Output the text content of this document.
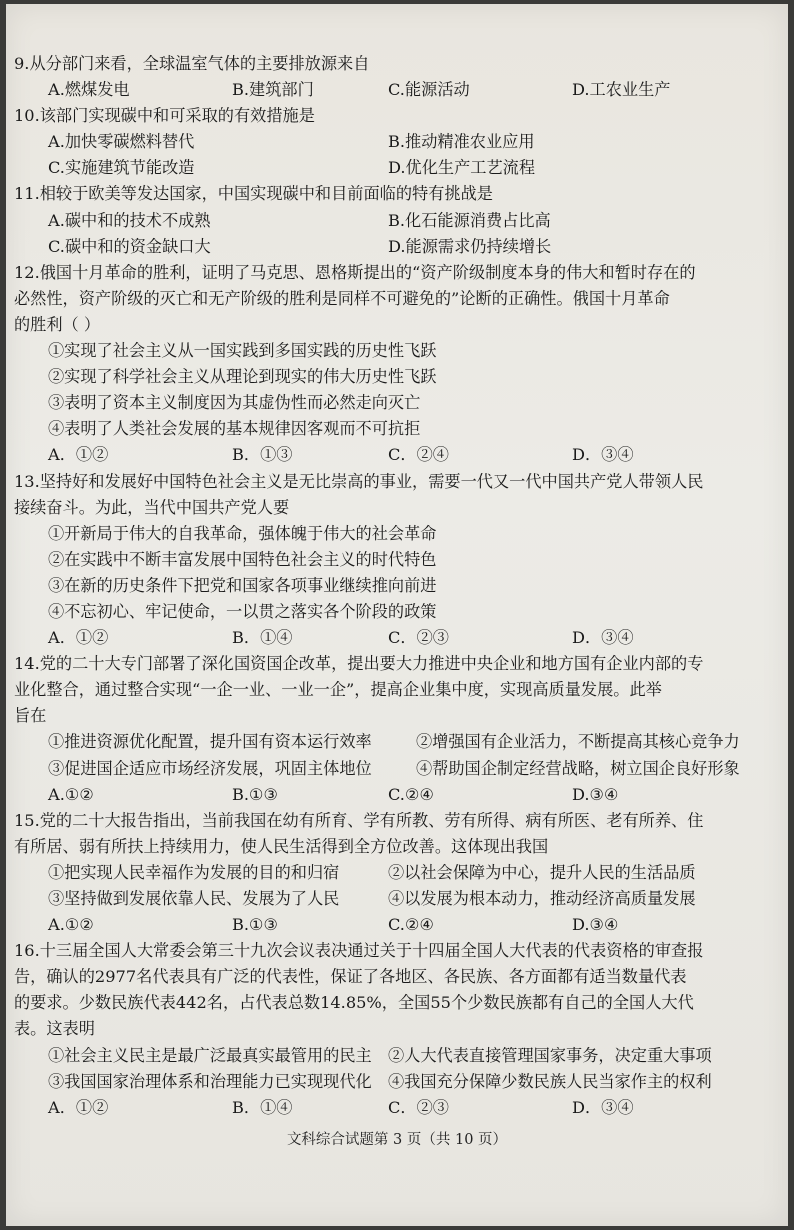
9.从分部门来看，全球温室气体的主要排放源来自
A.燃煤发电	B.建筑部门	C.能源活动	D.工农业生产
10.该部门实现碳中和可采取的有效措施是
A.加快零碳燃料替代	B.推动精准农业应用
C.实施建筑节能改造	D.优化生产工艺流程
11.相较于欧美等发达国家，中国实现碳中和目前面临的特有挑战是
A.碳中和的技术不成熟	B.化石能源消费占比高
C.碳中和的资金缺口大	D.能源需求仍持续增长
12.俄国十月革命的胜利，证明了马克思、恩格斯提出的“资产阶级制度本身的伟大和暂时存在的
必然性，资产阶级的灭亡和无产阶级的胜利是同样不可避免的”论断的正确性。俄国十月革命
的胜利（ ）
①实现了社会主义从一国实践到多国实践的历史性飞跃
②实现了科学社会主义从理论到现实的伟大历史性飞跃
③表明了资本主义制度因为其虚伪性而必然走向灭亡
④表明了人类社会发展的基本规律因客观而不可抗拒
A．①②	B．①③	C．②④	D．③④
13.坚持好和发展好中国特色社会主义是无比崇高的事业，需要一代又一代中国共产党人带领人民
接续奋斗。为此，当代中国共产党人要
①开新局于伟大的自我革命，强体魄于伟大的社会革命
②在实践中不断丰富发展中国特色社会主义的时代特色
③在新的历史条件下把党和国家各项事业继续推向前进
④不忘初心、牢记使命，一以贯之落实各个阶段的政策
A．①②	B．①④	C．②③	D．③④
14.党的二十大专门部署了深化国资国企改革，提出要大力推进中央企业和地方国有企业内部的专
业化整合，通过整合实现“一企一业、一业一企”，提高企业集中度，实现高质量发展。此举
旨在
①推进资源优化配置，提升国有资本运行效率	②增强国有企业活力，不断提高其核心竞争力
③促进国企适应市场经济发展，巩固主体地位	④帮助国企制定经营战略，树立国企良好形象
A.①②	B.①③	C.②④	D.③④
15.党的二十大报告指出，当前我国在幼有所育、学有所教、劳有所得、病有所医、老有所养、住
有所居、弱有所扶上持续用力，使人民生活得到全方位改善。这体现出我国
①把实现人民幸福作为发展的目的和归宿	②以社会保障为中心，提升人民的生活品质
③坚持做到发展依靠人民、发展为了人民	④以发展为根本动力，推动经济高质量发展
A.①②	B.①③	C.②④	D.③④
16.十三届全国人大常委会第三十九次会议表决通过关于十四届全国人大代表的代表资格的审查报
告，确认的2977名代表具有广泛的代表性，保证了各地区、各民族、各方面都有适当数量代表
的要求。少数民族代表442名，占代表总数14.85%，全国55个少数民族都有自己的全国人大代
表。这表明
①社会主义民主是最广泛最真实最管用的民主 ②人大代表直接管理国家事务，决定重大事项
③我国国家治理体系和治理能力已实现现代化 ④我国充分保障少数民族人民当家作主的权利
A．①②	B．①④	C．②③	D．③④
文科综合试题第 3 页（共 10 页）
